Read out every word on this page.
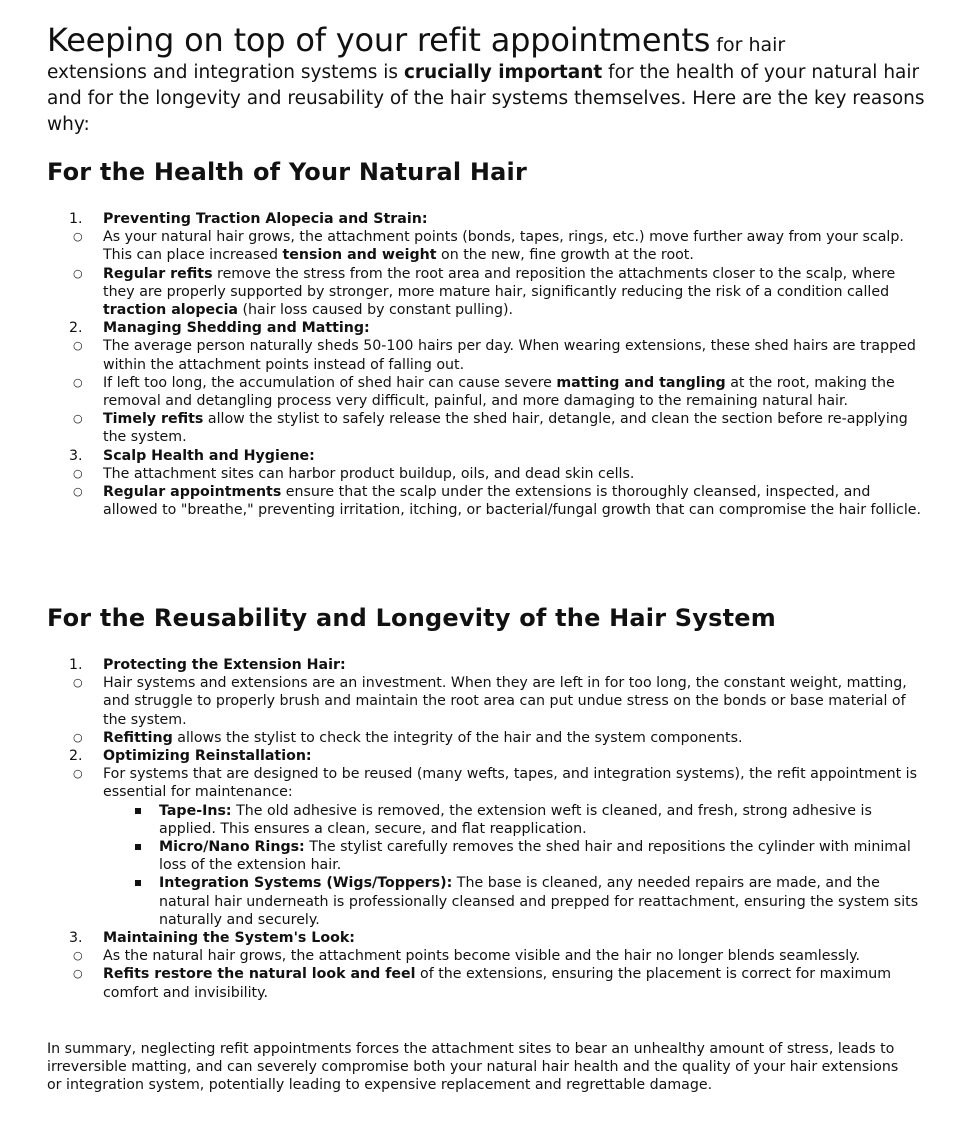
Keeping on top of your refit appointments for hair
extensions and integration systems is crucially important for the health of your natural hair and for the longevity and reusability of the hair systems themselves. Here are the key reasons why:
For the Health of Your Natural Hair
1.	Preventing Traction Alopecia and Strain:
○ As your natural hair grows, the attachment points (bonds, tapes, rings, etc.) move further away from your scalp. This can place increased tension and weight on the new, fine growth at the root.
○ Regular refits remove the stress from the root area and reposition the attachments closer to the scalp, where they are properly supported by stronger, more mature hair, significantly reducing the risk of a condition called traction alopecia (hair loss caused by constant pulling).
2.	Managing Shedding and Matting:
○ The average person naturally sheds 50-100 hairs per day. When wearing extensions, these shed hairs are trapped within the attachment points instead of falling out.
○ If left too long, the accumulation of shed hair can cause severe matting and tangling at the root, making the removal and detangling process very difficult, painful, and more damaging to the remaining natural hair.
○ Timely refits allow the stylist to safely release the shed hair, detangle, and clean the section before re-applying the system.
3.	Scalp Health and Hygiene:
○ The attachment sites can harbor product buildup, oils, and dead skin cells.
○ Regular appointments ensure that the scalp under the extensions is thoroughly cleansed, inspected, and allowed to "breathe," preventing irritation, itching, or bacterial/fungal growth that can compromise the hair follicle.
For the Reusability and Longevity of the Hair System
1.	Protecting the Extension Hair:
○ Hair systems and extensions are an investment. When they are left in for too long, the constant weight, matting, and struggle to properly brush and maintain the root area can put undue stress on the bonds or base material of the system.
○ Refitting allows the stylist to check the integrity of the hair and the system components.
2.	Optimizing Reinstallation:
○ For systems that are designed to be reused (many wefts, tapes, and integration systems), the refit appointment is essential for maintenance:
Tape-Ins: The old adhesive is removed, the extension weft is cleaned, and fresh, strong adhesive is applied. This ensures a clean, secure, and flat reapplication.
Micro/Nano Rings: The stylist carefully removes the shed hair and repositions the cylinder with minimal loss of the extension hair.
Integration Systems (Wigs/Toppers): The base is cleaned, any needed repairs are made, and the natural hair underneath is professionally cleansed and prepped for reattachment, ensuring the system sits naturally and securely.
3.	Maintaining the System's Look:
○ As the natural hair grows, the attachment points become visible and the hair no longer blends seamlessly.
○ Refits restore the natural look and feel of the extensions, ensuring the placement is correct for maximum comfort and invisibility.
In summary, neglecting refit appointments forces the attachment sites to bear an unhealthy amount of stress, leads to irreversible matting, and can severely compromise both your natural hair health and the quality of your hair extensions or integration system, potentially leading to expensive replacement and regrettable damage.
